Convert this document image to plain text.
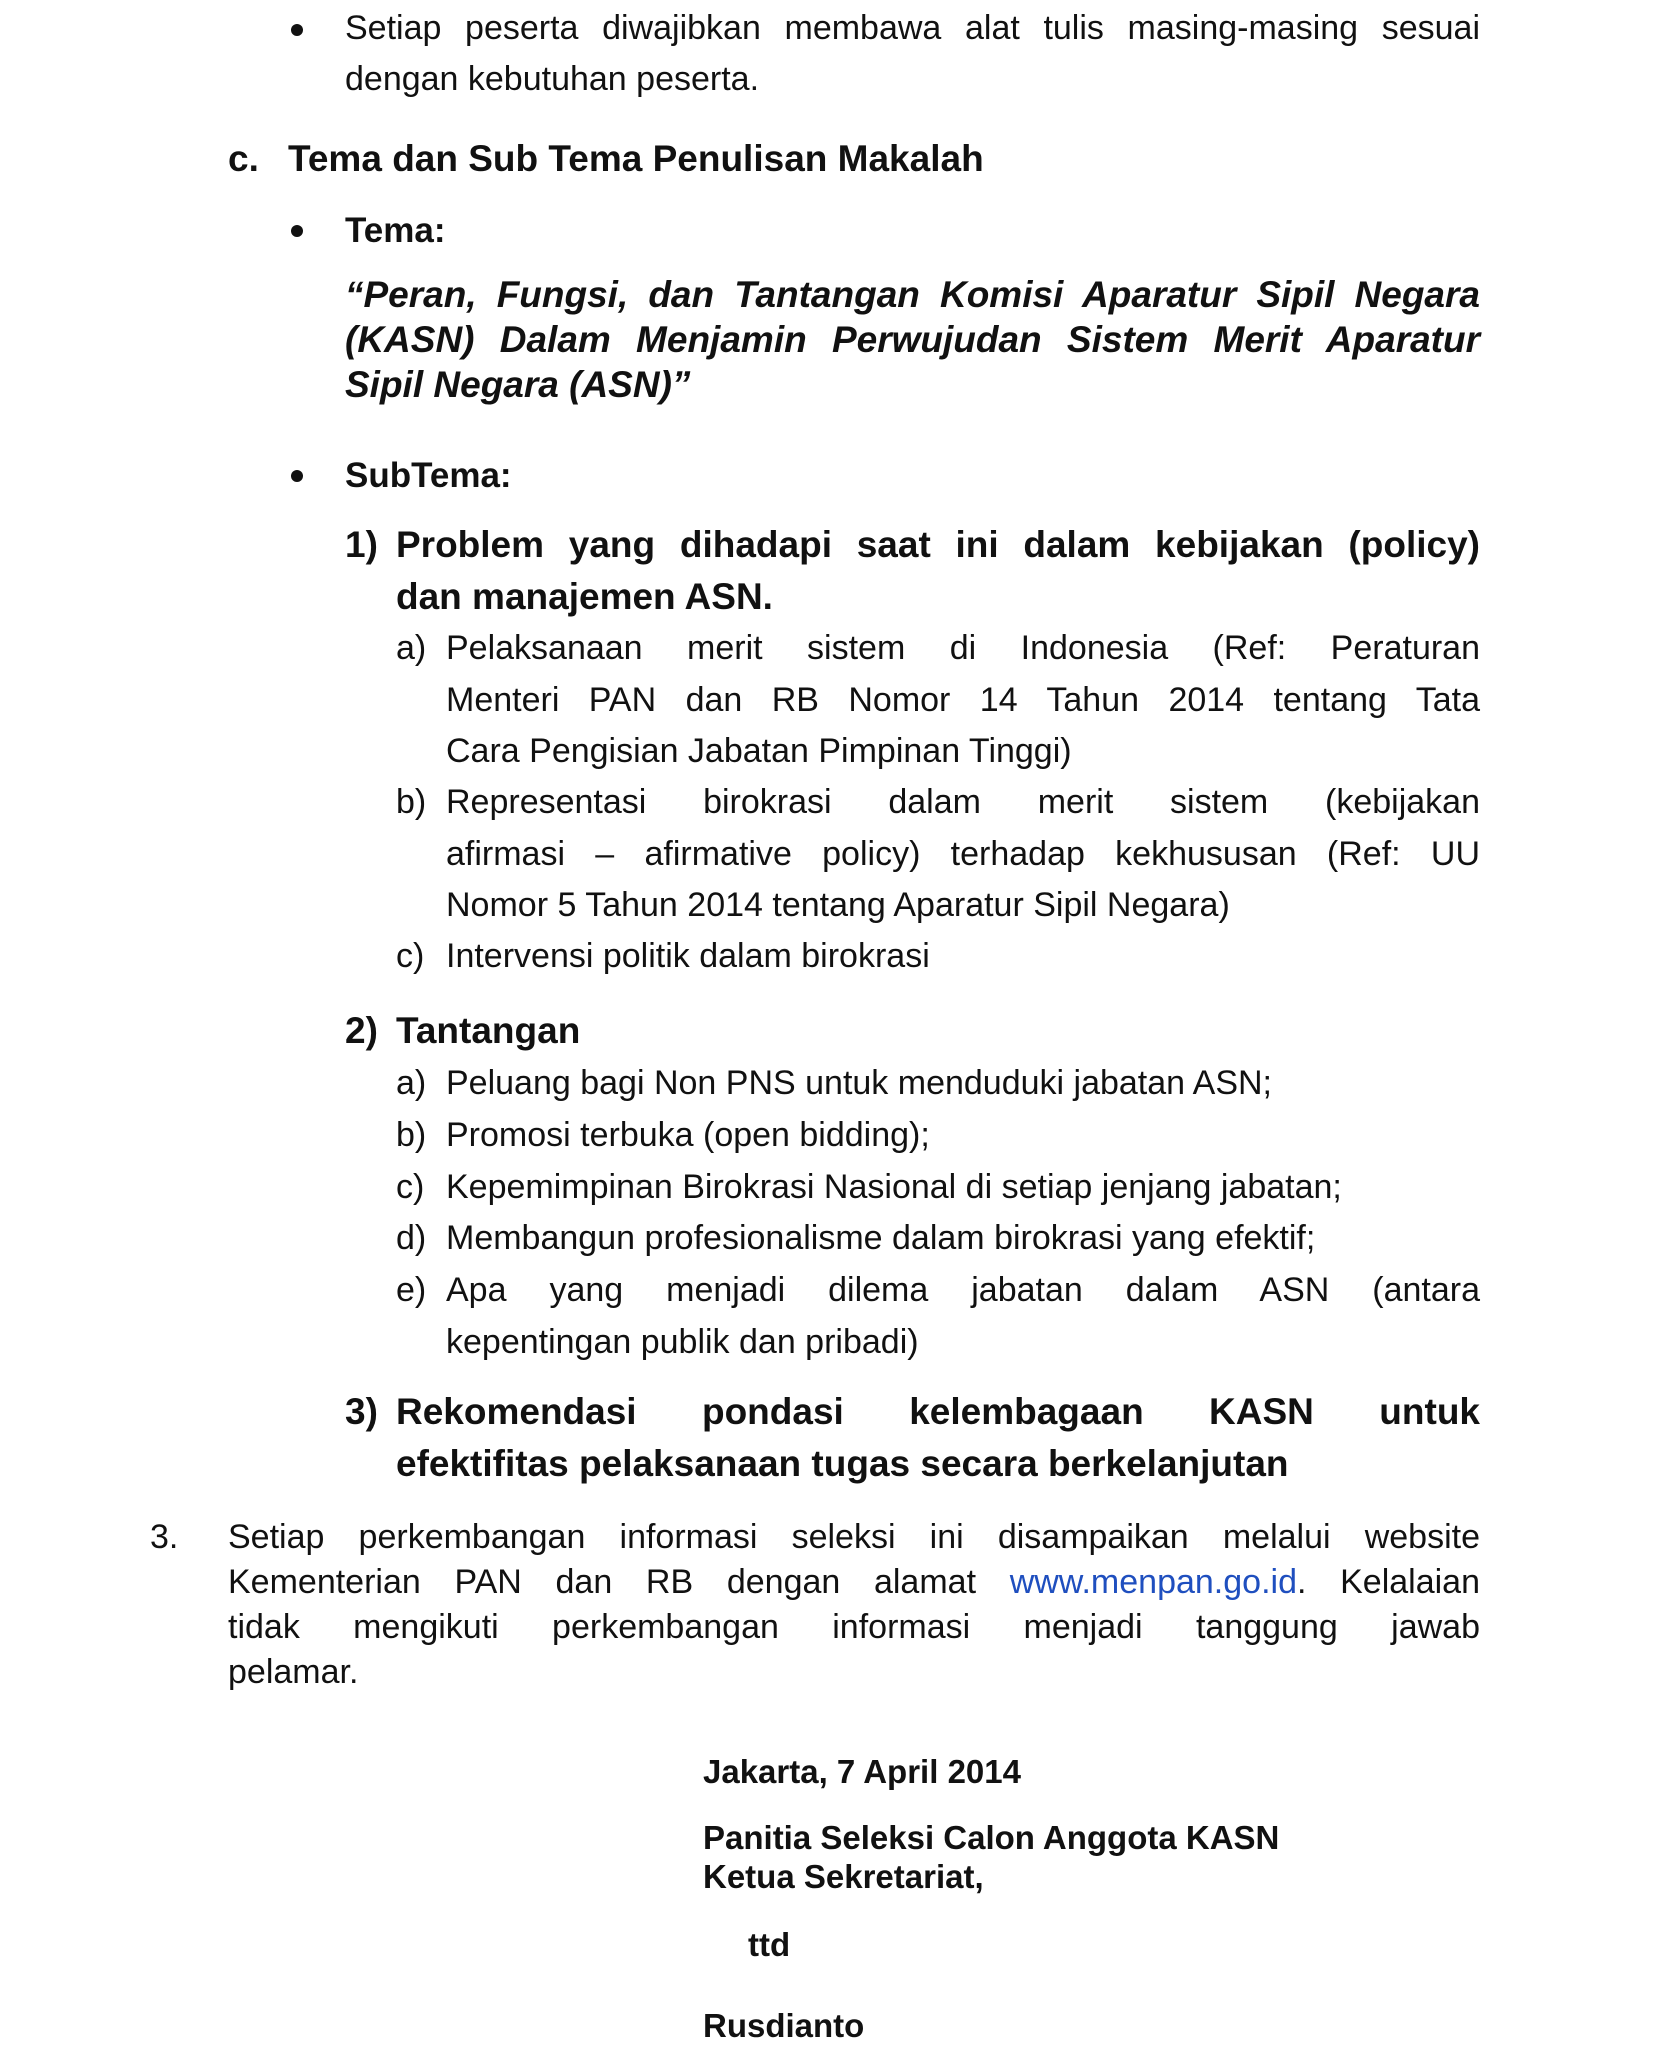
Setiap peserta diwajibkan membawa alat tulis masing-masing sesuai
dengan kebutuhan peserta.
c. Tema dan Sub Tema Penulisan Makalah
Tema:
“Peran, Fungsi, dan Tantangan Komisi Aparatur Sipil Negara
(KASN) Dalam Menjamin Perwujudan Sistem Merit Aparatur
Sipil Negara (ASN)”
SubTema:
1) Problem yang dihadapi saat ini dalam kebijakan (policy)
dan manajemen ASN.
a) Pelaksanaan merit sistem di Indonesia (Ref: Peraturan
Menteri PAN dan RB Nomor 14 Tahun 2014 tentang Tata
Cara Pengisian Jabatan Pimpinan Tinggi)
b) Representasi birokrasi dalam merit sistem (kebijakan
afirmasi – afirmative policy) terhadap kekhususan (Ref: UU
Nomor 5 Tahun 2014 tentang Aparatur Sipil Negara)
c) Intervensi politik dalam birokrasi
2) Tantangan
a) Peluang bagi Non PNS untuk menduduki jabatan ASN;
b) Promosi terbuka (open bidding);
c) Kepemimpinan Birokrasi Nasional di setiap jenjang jabatan;
d) Membangun profesionalisme dalam birokrasi yang efektif;
e) Apa yang menjadi dilema jabatan dalam ASN (antara
kepentingan publik dan pribadi)
3) Rekomendasi pondasi kelembagaan KASN untuk
efektifitas pelaksanaan tugas secara berkelanjutan
3. Setiap perkembangan informasi seleksi ini disampaikan melalui website
Kementerian PAN dan RB dengan alamat www.menpan.go.id. Kelalaian
tidak mengikuti perkembangan informasi menjadi tanggung jawab
pelamar.
Jakarta, 7 April 2014
Panitia Seleksi Calon Anggota KASN
Ketua Sekretariat,
ttd
Rusdianto
